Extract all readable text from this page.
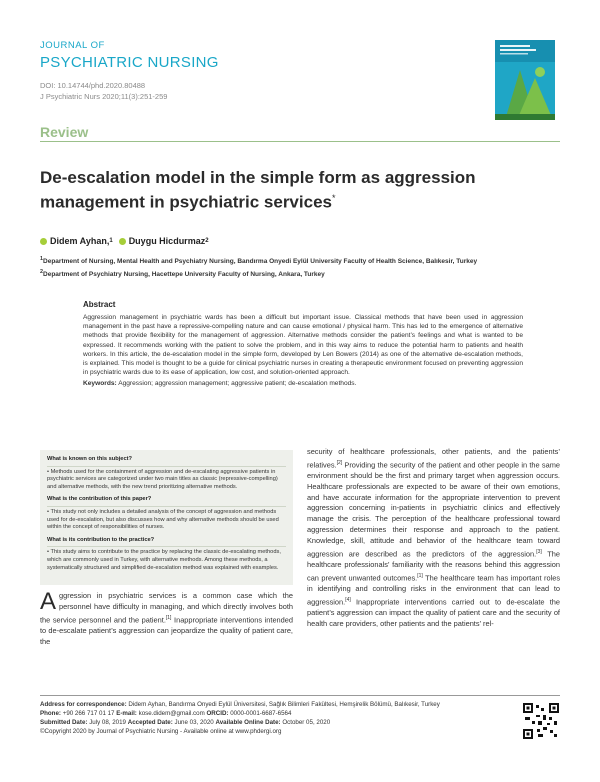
JOURNAL OF
PSYCHIATRIC NURSING
DOI: 10.14744/phd.2020.80488
J Psychiatric Nurs 2020;11(3):251-259
Review
De-escalation model in the simple form as aggression management in psychiatric services*
Didem Ayhan, 1 Duygu Hicdurmaz 2
$^1$Department of Nursing, Mental Health and Psychiatry Nursing, Bandırma Onyedi Eylül University Faculty of Health Science, Balıkesir, Turkey
$^2$Department of Psychiatry Nursing, Hacettepe University Faculty of Nursing, Ankara, Turkey
Abstract
Aggression management in psychiatric wards has been a difficult but important issue. Classical methods that have been used in aggression management in the past have a repressive-compelling nature and can cause emotional / physical harm. This has led to the emergence of alternative methods that provide flexibility for the management of aggression. Alternative methods consider the patient’s feelings and what is wanted to be expressed. It recommends working with the patient to solve the problem, and in this way aims to reduce the potential harm to patients and health workers. In this article, the de-escalation model in the simple form, developed by Len Bowers (2014) as one of the alternative de-escalation methods, is explained. This model is thought to be a guide for clinical psychiatric nurses in creating a therapeutic environment focused on preventing aggression in psychiatric wards due to its ease of application, low cost, and solution-oriented approach.
Keywords: Aggression; aggression management; aggressive patient; de-escalation methods.
What is known on this subject?
• Methods used for the containment of aggression and de-escalating aggressive patients in psychiatric services are categorized under two main titles as classic (repressive-compelling) and alternative methods, with the new trend prioritizing alternative methods.
What is the contribution of this paper?
• This study not only includes a detailed analysis of the concept of aggression and methods used for de-escalation, but also discusses how and why alternative methods should be used within the concept of responsibilities of nurses.
What is its contribution to the practice?
• This study aims to contribute to the practice by replacing the classic de-escalating methods, which are commonly used in Turkey, with alternative methods. Among these methods, a systematically structured and simplified de-escalation method was explained with examples.
Aggression in psychiatric services is a common case which the personnel have difficulty in managing, and which directly involves both the service personnel and the patient.[1] Inappropriate interventions intended to de-escalate patient’s aggression can jeopardize the quality of patient care, the
security of healthcare professionals, other patients, and the patients’ relatives.[2] Providing the security of the patient and other people in the same environment should be the first and primary target when aggression occurs. Healthcare professionals are expected to be aware of their own emotions, and have accurate information for the appropriate intervention to prevent aggression concerning in-patients in psychiatric clinics and effectively manage the crisis. The perception of the healthcare professional toward aggression determines their response and approach to the patient. Knowledge, skill, attitude and behavior of the healthcare team toward aggression are described as the predictors of the aggression.[3] The healthcare professionals’ familiarity with the reasons behind this aggression can prevent unwanted outcomes.[1] The healthcare team has important roles in identifying and controlling risks in the environment that can lead to aggression.[4] Inappropriate interventions carried out to de-escalate the patient’s aggression can impact the quality of patient care and the security of health care providers, other patients and the patients’ rel-
Address for correspondence: Didem Ayhan, Bandırma Onyedi Eylül Üniversitesi, Sağlık Bilimleri Fakültesi, Hemşirelik Bölümü, Balıkesir, Turkey
Phone: +90 266 717 01 17 E-mail: kose.didem@gmail.com ORCID: 0000-0001-6687-6564
Submitted Date: July 08, 2019 Accepted Date: June 03, 2020 Available Online Date: October 05, 2020
©Copyright 2020 by Journal of Psychiatric Nursing - Available online at www.phdergi.org
